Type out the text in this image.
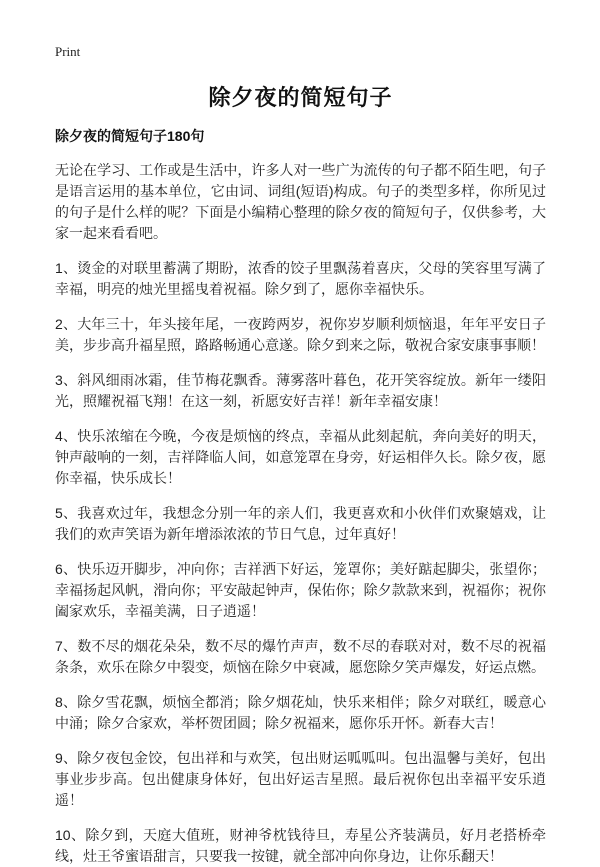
Print
除夕夜的简短句子
除夕夜的简短句子180句

无论在学习、工作或是生活中，许多人对一些广为流传的句子都不陌生吧，句子是语言运用的基本单位，它由词、词组(短语)构成。句子的类型多样，你所见过的句子是什么样的呢？下面是小编精心整理的除夕夜的简短句子，仅供参考，大家一起来看看吧。

1、烫金的对联里蓄满了期盼，浓香的饺子里飘荡着喜庆，父母的笑容里写满了幸福，明亮的烛光里摇曳着祝福。除夕到了，愿你幸福快乐。

2、大年三十，年头接年尾，一夜跨两岁，祝你岁岁顺利烦恼退，年年平安日子美，步步高升福星照，路路畅通心意遂。除夕到来之际，敬祝合家安康事事顺！

3、斜风细雨冰霜，佳节梅花飘香。薄雾落叶暮色，花开笑容绽放。新年一缕阳光，照耀祝福飞翔！在这一刻，祈愿安好吉祥！新年幸福安康！

4、快乐浓缩在今晚，今夜是烦恼的终点，幸福从此刻起航，奔向美好的明天，钟声敲响的一刻，吉祥降临人间，如意笼罩在身旁，好运相伴久长。除夕夜，愿你幸福，快乐成长！

5、我喜欢过年，我想念分别一年的亲人们，我更喜欢和小伙伴们欢聚嬉戏，让我们的欢声笑语为新年增添浓浓的节日气息，过年真好！

6、快乐迈开脚步，冲向你；吉祥洒下好运，笼罩你；美好踮起脚尖，张望你；幸福扬起风帆，滑向你；平安敲起钟声，保佑你；除夕款款来到，祝福你；祝你阖家欢乐，幸福美满，日子逍遥！

7、数不尽的烟花朵朵，数不尽的爆竹声声，数不尽的春联对对，数不尽的祝福条条，欢乐在除夕中裂变，烦恼在除夕中衰减，愿您除夕笑声爆发，好运点燃。

8、除夕雪花飘，烦恼全都消；除夕烟花灿，快乐来相伴；除夕对联红，暖意心中涌；除夕合家欢，举杯贺团圆；除夕祝福来，愿你乐开怀。新春大吉！

9、除夕夜包金饺，包出祥和与欢笑，包出财运呱呱叫。包出温馨与美好，包出事业步步高。包出健康身体好，包出好运吉星照。最后祝你包出幸福平安乐逍遥！

10、除夕到，天庭大值班，财神爷枕钱待旦，寿星公齐装满员，好月老搭桥牵线，灶王爷蜜语甜言，只要我一按键，就全部冲向你身边，让你乐翻天！
